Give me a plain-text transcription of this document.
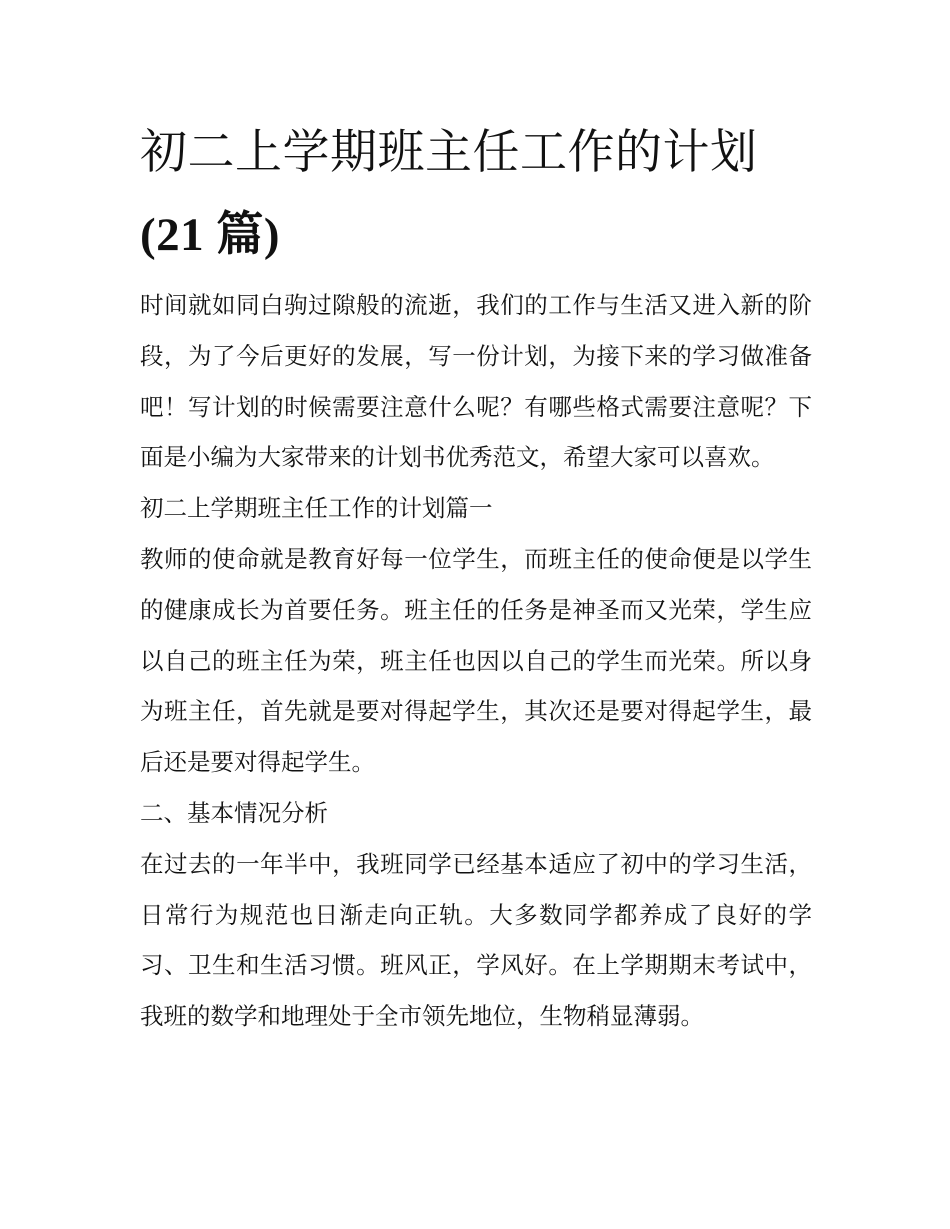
初二上学期班主任工作的计划
(21 篇)

时间就如同白驹过隙般的流逝，我们的工作与生活又进入新的阶段，为了今后更好的发展，写一份计划，为接下来的学习做准备吧！写计划的时候需要注意什么呢？有哪些格式需要注意呢？下面是小编为大家带来的计划书优秀范文，希望大家可以喜欢。

初二上学期班主任工作的计划篇一

教师的使命就是教育好每一位学生，而班主任的使命便是以学生的健康成长为首要任务。班主任的任务是神圣而又光荣，学生应以自己的班主任为荣，班主任也因以自己的学生而光荣。所以身为班主任，首先就是要对得起学生，其次还是要对得起学生，最后还是要对得起学生。

二、基本情况分析

在过去的一年半中，我班同学已经基本适应了初中的学习生活，日常行为规范也日渐走向正轨。大多数同学都养成了良好的学习、卫生和生活习惯。班风正，学风好。在上学期期末考试中，我班的数学和地理处于全市领先地位，生物稍显薄弱。
